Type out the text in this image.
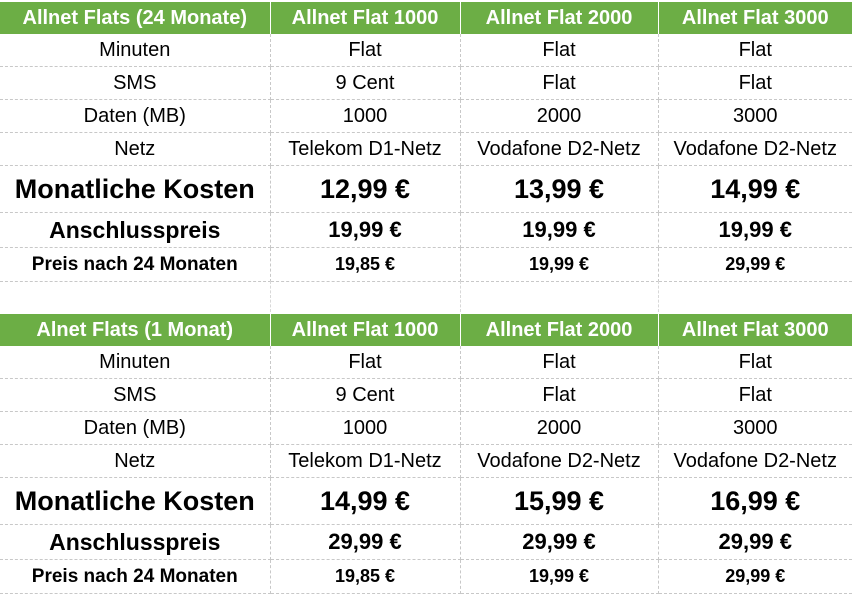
Allnet Flats (24 Monate)	Allnet Flat 1000	Allnet Flat 2000	Allnet Flat 3000
Minuten	Flat	Flat	Flat
SMS	9 Cent	Flat	Flat
Daten (MB)	1000	2000	3000
Netz	Telekom D1-Netz	Vodafone D2-Netz	Vodafone D2-Netz
Monatliche Kosten	12,99 €	13,99 €	14,99 €
Anschlusspreis	19,99 €	19,99 €	19,99 €
Preis nach 24 Monaten	19,85 €	19,99 €	29,99 €
Alnet Flats (1 Monat)	Allnet Flat 1000	Allnet Flat 2000	Allnet Flat 3000
Minuten	Flat	Flat	Flat
SMS	9 Cent	Flat	Flat
Daten (MB)	1000	2000	3000
Netz	Telekom D1-Netz	Vodafone D2-Netz	Vodafone D2-Netz
Monatliche Kosten	14,99 €	15,99 €	16,99 €
Anschlusspreis	29,99 €	29,99 €	29,99 €
Preis nach 24 Monaten	19,85 €	19,99 €	29,99 €
